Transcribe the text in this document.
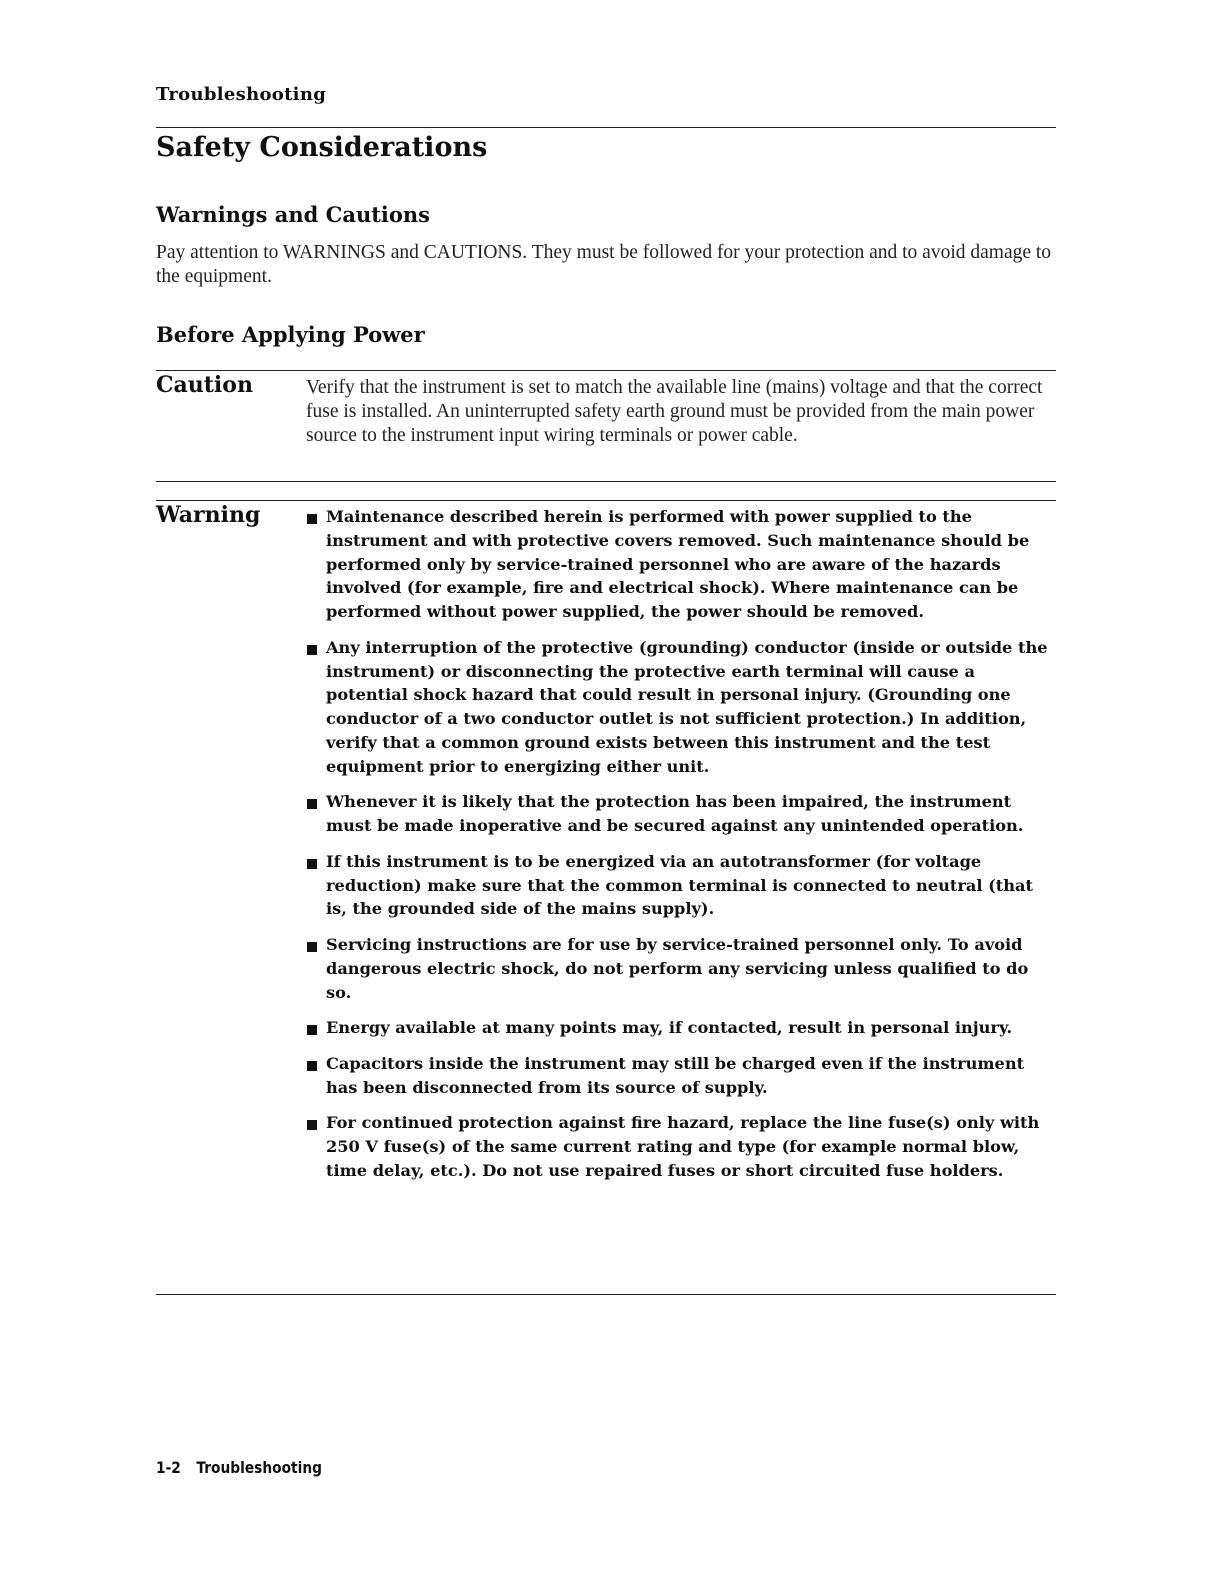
Troubleshooting
Safety Considerations
Warnings and Cautions

Pay attention to WARNINGS and CAUTIONS. They must be followed for your protection and to avoid damage to the equipment.

Before Applying Power
Caution	Verify that the instrument is set to match the available line (mains) voltage and that the correct fuse is installed. An uninterrupted safety earth ground must be provided from the main power source to the instrument input wiring terminals or power cable.

Warning	Maintenance described herein is performed with power supplied to the instrument and with protective covers removed. Such maintenance should be performed only by service-trained personnel who are aware of the hazards involved (for example, fire and electrical shock). Where maintenance can be performed without power supplied, the power should be removed.
Any interruption of the protective (grounding) conductor (inside or outside the instrument) or disconnecting the protective earth terminal will cause a potential shock hazard that could result in personal injury. (Grounding one conductor of a two conductor outlet is not sufficient protection.) In addition, verify that a common ground exists between this instrument and the test equipment prior to energizing either unit.
Whenever it is likely that the protection has been impaired, the instrument must be made inoperative and be secured against any unintended operation.
If this instrument is to be energized via an autotransformer (for voltage reduction) make sure that the common terminal is connected to neutral (that is, the grounded side of the mains supply).
Servicing instructions are for use by service-trained personnel only. To avoid dangerous electric shock, do not perform any servicing unless qualified to do so.
Energy available at many points may, if contacted, result in personal injury.
Capacitors inside the instrument may still be charged even if the instrument has been disconnected from its source of supply.
For continued protection against fire hazard, replace the line fuse(s) only with 250 V fuse(s) of the same current rating and type (for example normal blow, time delay, etc.). Do not use repaired fuses or short circuited fuse holders.
1-2 Troubleshooting
